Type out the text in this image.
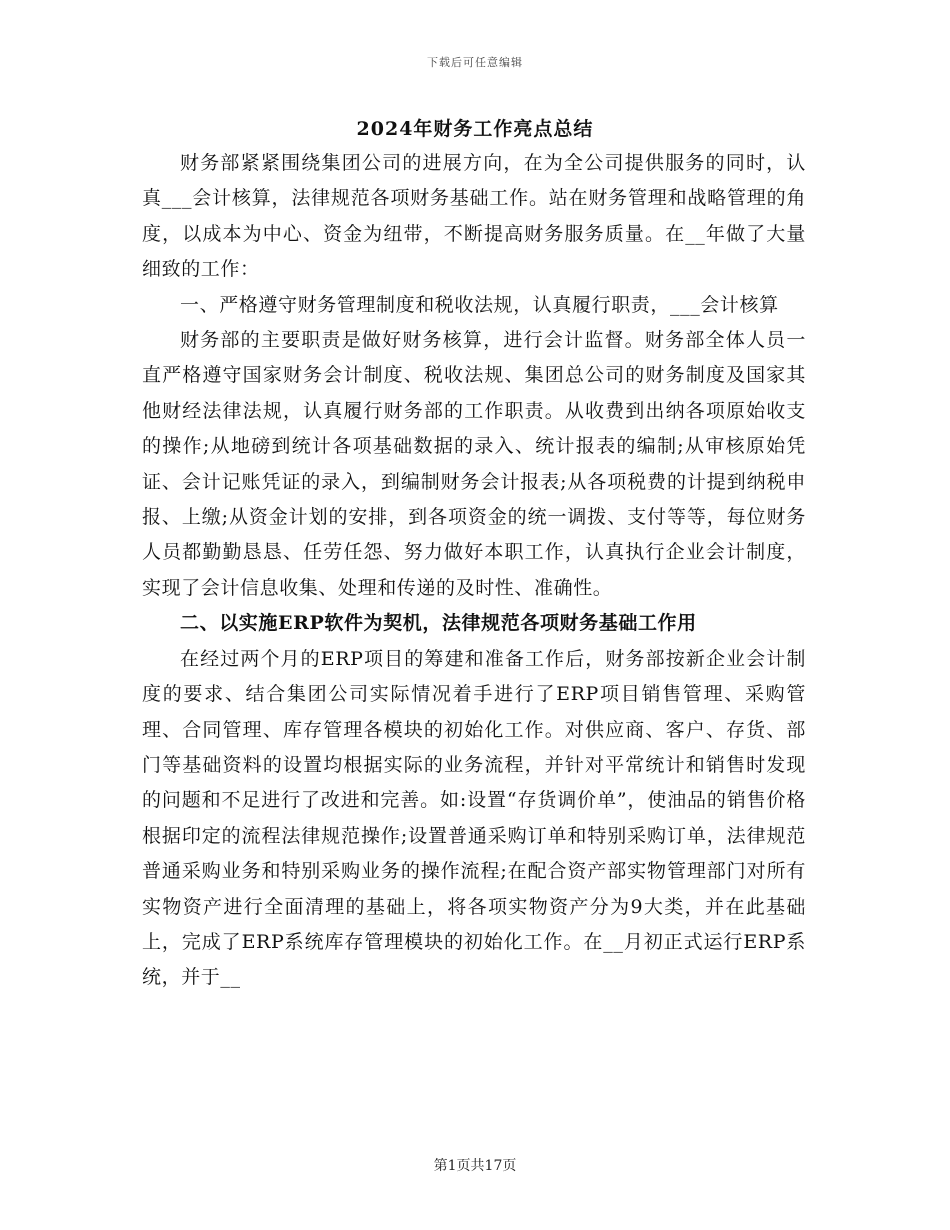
下载后可任意编辑
2024年财务工作亮点总结

财务部紧紧围绕集团公司的进展方向，在为全公司提供服务的同时，认真___会计核算，法律规范各项财务基础工作。站在财务管理和战略管理的角度，以成本为中心、资金为纽带，不断提高财务服务质量。在__年做了大量细致的工作：

一、严格遵守财务管理制度和税收法规，认真履行职责，___会计核算

财务部的主要职责是做好财务核算，进行会计监督。财务部全体人员一直严格遵守国家财务会计制度、税收法规、集团总公司的财务制度及国家其他财经法律法规，认真履行财务部的工作职责。从收费到出纳各项原始收支的操作;从地磅到统计各项基础数据的录入、统计报表的编制;从审核原始凭证、会计记账凭证的录入，到编制财务会计报表;从各项税费的计提到纳税申报、上缴;从资金计划的安排，到各项资金的统一调拨、支付等等，每位财务人员都勤勤恳恳、任劳任怨、努力做好本职工作，认真执行企业会计制度，实现了会计信息收集、处理和传递的及时性、准确性。

二、以实施ERP软件为契机，法律规范各项财务基础工作用

在经过两个月的ERP项目的筹建和准备工作后，财务部按新企业会计制度的要求、结合集团公司实际情况着手进行了ERP项目销售管理、采购管理、合同管理、库存管理各模块的初始化工作。对供应商、客户、存货、部门等基础资料的设置均根据实际的业务流程，并针对平常统计和销售时发现的问题和不足进行了改进和完善。如:设置“存货调价单”，使油品的销售价格根据印定的流程法律规范操作;设置普通采购订单和特别采购订单，法律规范普通采购业务和特别采购业务的操作流程;在配合资产部实物管理部门对所有实物资产进行全面清理的基础上，将各项实物资产分为9大类，并在此基础上，完成了ERP系统库存管理模块的初始化工作。在__月初正式运行ERP系统，并于__

第1页共17页
